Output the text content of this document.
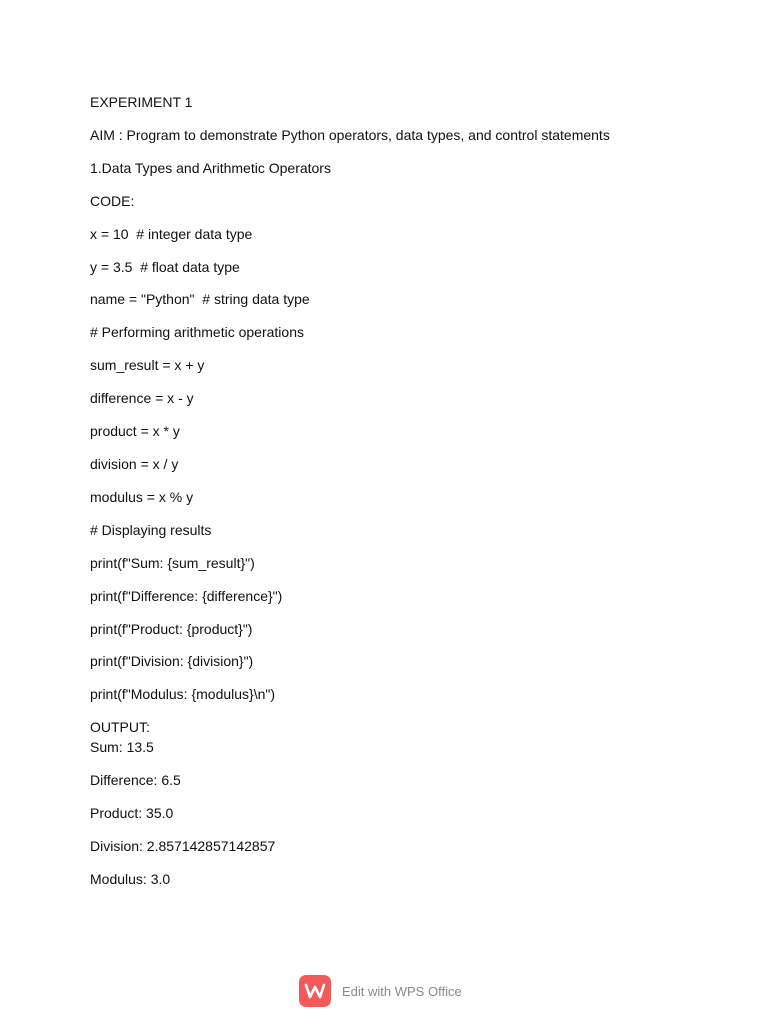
EXPERIMENT 1
AIM : Program to demonstrate Python operators, data types, and control statements
1.Data Types and Arithmetic Operators
CODE:
x = 10  # integer data type
y = 3.5  # float data type
name = "Python"  # string data type
# Performing arithmetic operations
sum_result = x + y
difference = x - y
product = x * y
division = x / y
modulus = x % y
# Displaying results
print(f"Sum: {sum_result}")
print(f"Difference: {difference}")
print(f"Product: {product}")
print(f"Division: {division}")
print(f"Modulus: {modulus}\n")
OUTPUT:
Sum: 13.5
Difference: 6.5
Product: 35.0
Division: 2.857142857142857
Modulus: 3.0
Edit with WPS Office
